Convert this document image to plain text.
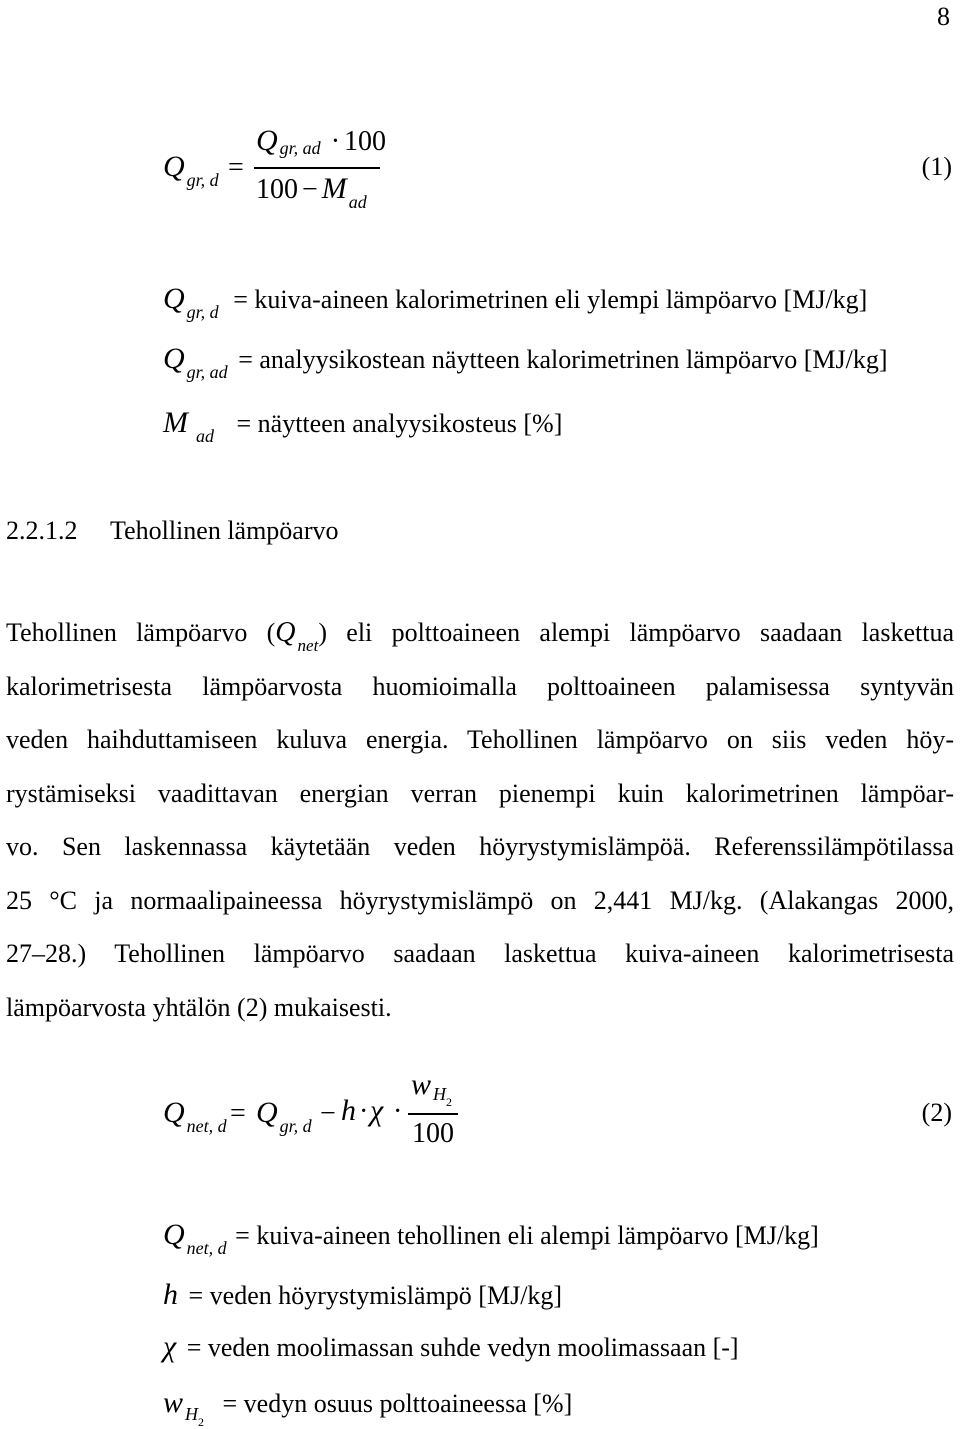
8
Qgr, d =
Qgr, ad · 100
100 − M ad
(1)
Q $_{gr, d}$ = kuiva-aineen kalorimetrinen eli ylempi lämpöarvo [MJ/kg]
Q $_{gr, ad}$ = analyysikostean näytteen kalorimetrinen lämpöarvo [MJ/kg]
M $_{ad}$ = näytteen analyysikosteus [%]
2.2.1.2 Tehollinen lämpöarvo
Tehollinen lämpöarvo (Q $_{net}$) eli polttoaineen alempi lämpöarvo saadaan laskettua
kalorimetrisesta lämpöarvosta huomioimalla polttoaineen palamisessa syntyvän
veden haihduttamiseen kuluva energia. Tehollinen lämpöarvo on siis veden höy-
rystämiseksi vaadittavan energian verran pienempi kuin kalorimetrinen lämpöar-
vo. Sen laskennassa käytetään veden höyrystymislämpöä. Referenssilämpötilassa
25 °C ja normaalipaineessa höyrystymislämpö on 2,441 MJ/kg. (Alakangas 2000,
27–28.) Tehollinen lämpöarvo saadaan laskettua kuiva-aineen kalorimetrisesta
lämpöarvosta yhtälön (2) mukaisesti.
Qnet, d = Qgr, d − h · χ ·
w $H_2$
100
(2)
Q $_{net, d}$ = kuiva-aineen tehollinen eli alempi lämpöarvo [MJ/kg]
h = veden höyrystymislämpö [MJ/kg]
χ = veden moolimassan suhde vedyn moolimassaan [-]
w $_{H2}$ = vedyn osuus polttoaineessa [%]
